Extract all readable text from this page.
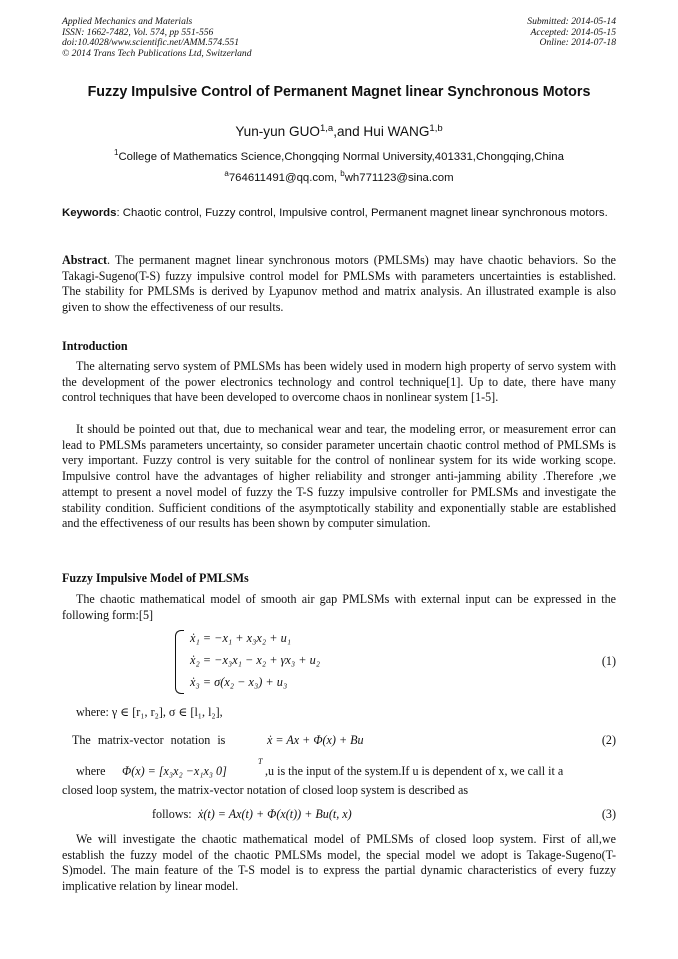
Applied Mechanics and Materials
ISSN: 1662-7482, Vol. 574, pp 551-556
doi:10.4028/www.scientific.net/AMM.574.551
© 2014 Trans Tech Publications Ltd, Switzerland
Submitted: 2014-05-14
Accepted: 2014-05-15
Online: 2014-07-18
Fuzzy Impulsive Control of Permanent Magnet linear Synchronous Motors
Yun-yun GUO$^{1,a}$,and Hui WANG$^{1,b}$
$^1$College of Mathematics Science,Chongqing Normal University,401331,Chongqing,China
$^a$764611491@qq.com, $^b$wh771123@sina.com
Keywords: Chaotic control, Fuzzy control, Impulsive control, Permanent magnet linear synchronous motors.
Abstract. The permanent magnet linear synchronous motors (PMLSMs) may have chaotic behaviors. So the Takagi-Sugeno(T-S) fuzzy impulsive control model for PMLSMs with parameters uncertainties is established. The stability for PMLSMs is derived by Lyapunov method and matrix analysis. An illustrated example is also given to show the effectiveness of our results.
Introduction
The alternating servo system of PMLSMs has been widely used in modern high property of servo system with the development of the power electronics technology and control technique[1]. Up to date, there have many control techniques that have been developed to overcome chaos in nonlinear system [1-5].
It should be pointed out that, due to mechanical wear and tear, the modeling error, or measurement error can lead to PMLSMs parameters uncertainty, so consider parameter uncertain chaotic control method of PMLSMs is very important. Fuzzy control is very suitable for the control of nonlinear system for its wide working scope. Impulsive control have the advantages of higher reliability and stronger anti-jamming ability .Therefore ,we attempt to present a novel model of fuzzy the T-S fuzzy impulsive controller for PMLSMs and investigate the stability condition. Sufficient conditions of the asymptotically stability and exponentially stable are established and the effectiveness of our results has been shown by computer simulation.
Fuzzy Impulsive Model of PMLSMs
The chaotic mathematical model of smooth air gap PMLSMs with external input can be expressed in the following form:[5]
ẋ₁ = −x₁ + x₃x₂ + u₁
ẋ₂ = −x₃x₁ − x₂ + γx₃ + u₂
ẋ₃ = σ(x₂ − x₃) + u₃
(1)
where: γ ∈ [r₁, r₂], σ ∈ [l₁, l₂],
The matrix-vector notation is	ẋ = Ax + Φ(x) + Bu	(2)
where Φ(x) = [x₃x₂ −x₁x₃ 0]
T
,u is the input of the system.If u is dependent of x, we call it a
closed loop system, the matrix-vector notation of closed loop system is described as
follows: ẋ(t) = Ax(t) + Φ(x(t)) + Bu(t, x)	(3)
We will investigate the chaotic mathematical model of PMLSMs of closed loop system. First of all,we establish the fuzzy model of the chaotic PMLSMs model, the special model we adopt is Takage-Sugeno(T-S)model. The main feature of the T-S model is to express the partial dynamic characteristics of every fuzzy implicative relation by linear model.
